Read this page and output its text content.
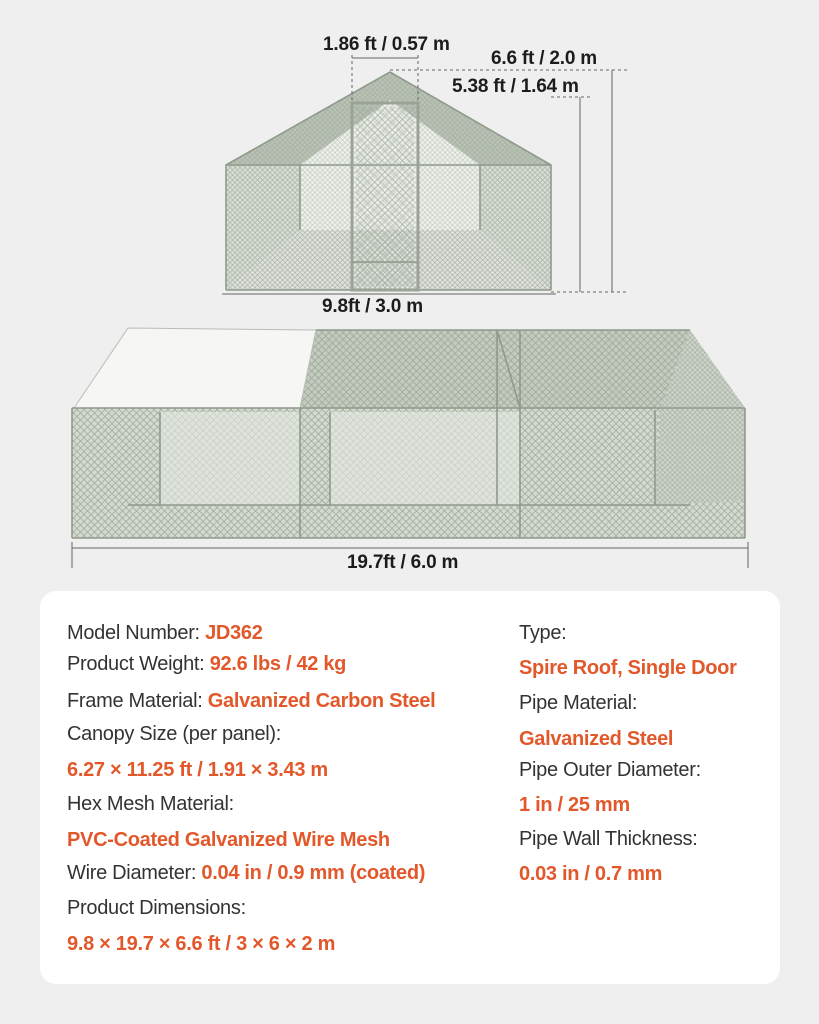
1.86 ft / 0.57 m
6.6 ft / 2.0 m
5.38 ft / 1.64 m
9.8ft / 3.0 m
19.7ft / 6.0 m
Model Number: JD362
Product Weight: 92.6 lbs / 42 kg
Frame Material: Galvanized Carbon Steel
Canopy Size (per panel):
6.27 × 11.25 ft / 1.91 × 3.43 m
Hex Mesh Material:
PVC-Coated Galvanized Wire Mesh
Wire Diameter: 0.04 in / 0.9 mm (coated)
Product Dimensions:
9.8 × 19.7 × 6.6 ft / 3 × 6 × 2 m
Type:
Spire Roof, Single Door
Pipe Material:
Galvanized Steel
Pipe Outer Diameter:
1 in / 25 mm
Pipe Wall Thickness:
0.03 in / 0.7 mm
